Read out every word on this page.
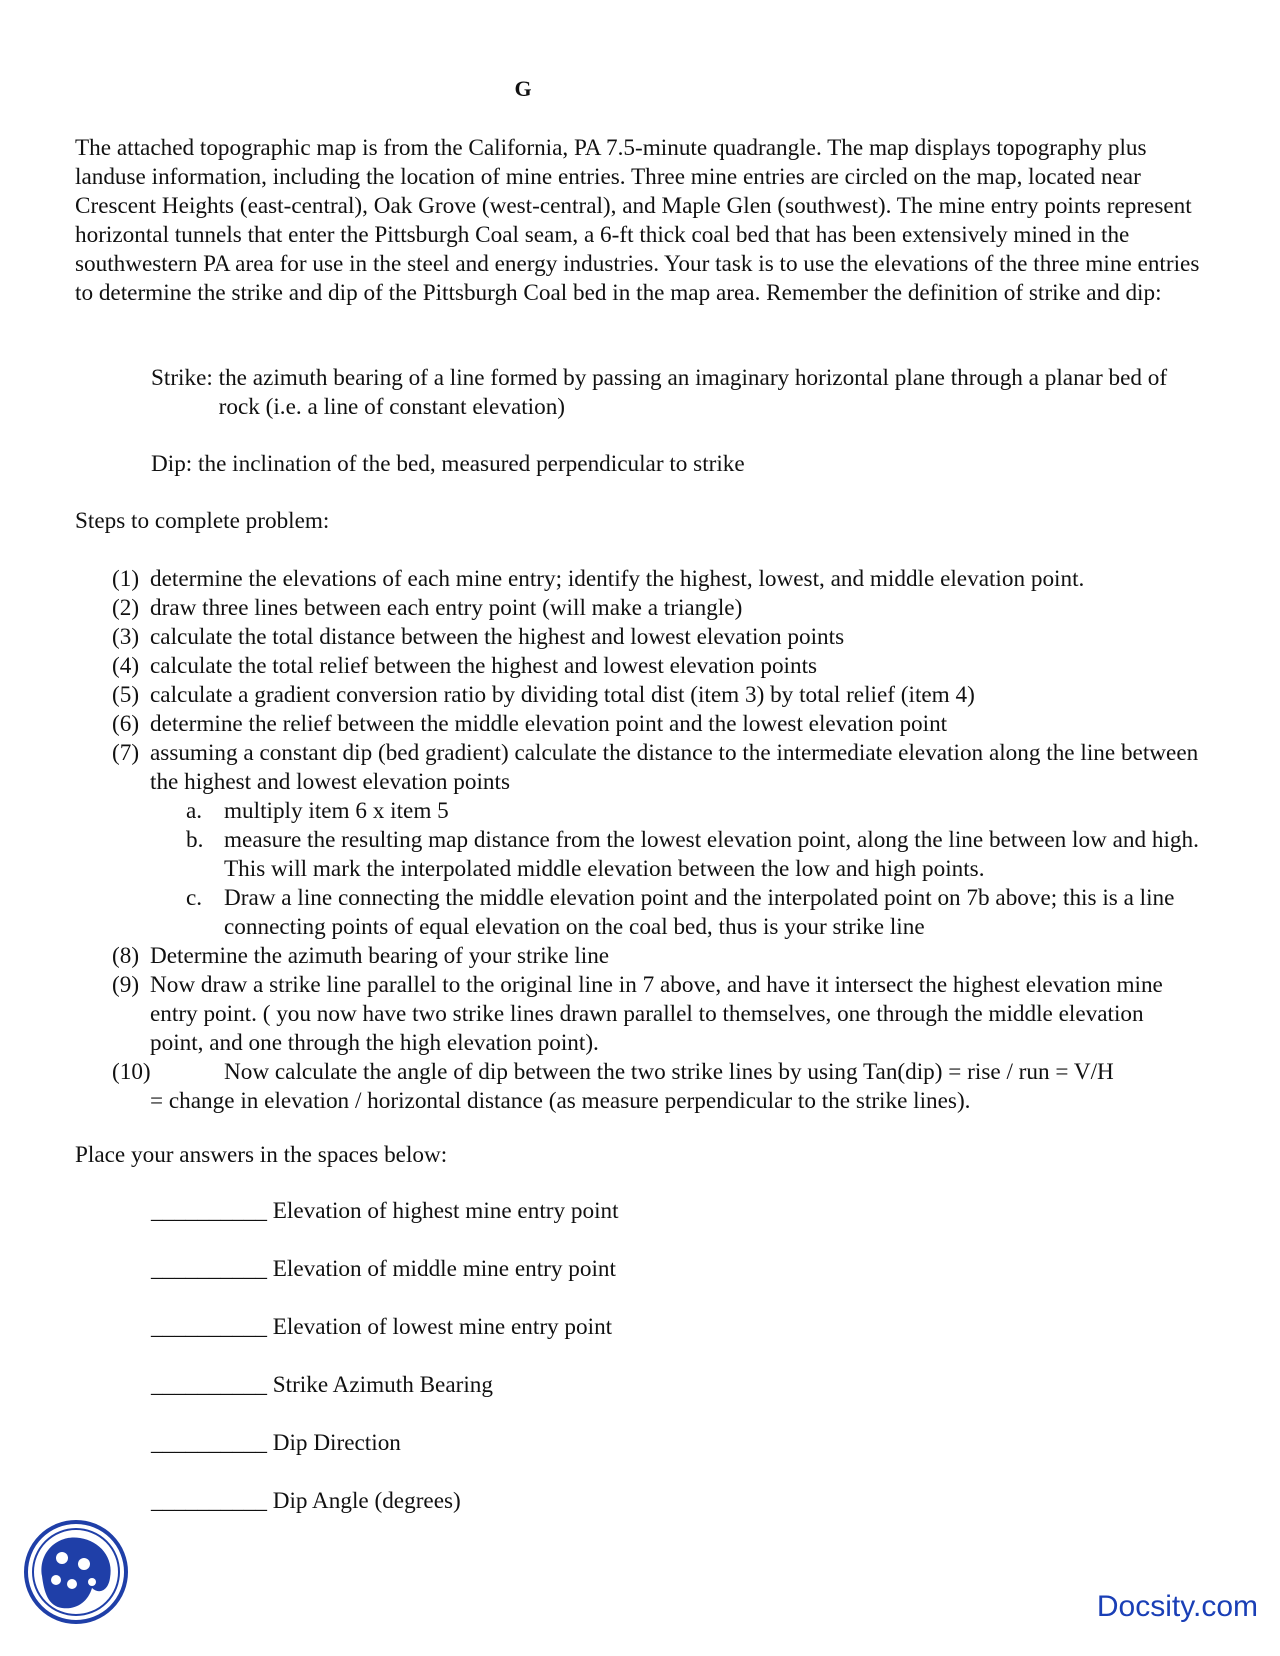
G
The attached topographic map is from the California, PA 7.5-minute quadrangle. The map displays topography plus landuse information, including the location of mine entries. Three mine entries are circled on the map, located near Crescent Heights (east-central), Oak Grove (west-central), and Maple Glen (southwest). The mine entry points represent horizontal tunnels that enter the Pittsburgh Coal seam, a 6-ft thick coal bed that has been extensively mined in the southwestern PA area for use in the steel and energy industries. Your task is to use the elevations of the three mine entries to determine the strike and dip of the Pittsburgh Coal bed in the map area. Remember the definition of strike and dip:
Strike: the azimuth bearing of a line formed by passing an imaginary horizontal plane through a planar bed of rock (i.e. a line of constant elevation)
Dip: the inclination of the bed, measured perpendicular to strike
Steps to complete problem:
(1) determine the elevations of each mine entry; identify the highest, lowest, and middle elevation point.
(2) draw three lines between each entry point (will make a triangle)
(3) calculate the total distance between the highest and lowest elevation points
(4) calculate the total relief between the highest and lowest elevation points
(5) calculate a gradient conversion ratio by dividing total dist (item 3) by total relief (item 4)
(6) determine the relief between the middle elevation point and the lowest elevation point
(7) assuming a constant dip (bed gradient) calculate the distance to the intermediate elevation along the line between the highest and lowest elevation points
a. multiply item 6 x item 5
b. measure the resulting map distance from the lowest elevation point, along the line between low and high. This will mark the interpolated middle elevation between the low and high points.
c. Draw a line connecting the middle elevation point and the interpolated point on 7b above; this is a line connecting points of equal elevation on the coal bed, thus is your strike line
(8) Determine the azimuth bearing of your strike line
(9) Now draw a strike line parallel to the original line in 7 above, and have it intersect the highest elevation mine entry point. ( you now have two strike lines drawn parallel to themselves, one through the middle elevation point, and one through the high elevation point).
(10)	Now calculate the angle of dip between the two strike lines by using Tan(dip) = rise / run = V/H
= change in elevation / horizontal distance (as measure perpendicular to the strike lines).
Place your answers in the spaces below:
__________ Elevation of highest mine entry point
__________ Elevation of middle mine entry point
__________ Elevation of lowest mine entry point
__________ Strike Azimuth Bearing
__________ Dip Direction
__________ Dip Angle (degrees)
Docsity.com
